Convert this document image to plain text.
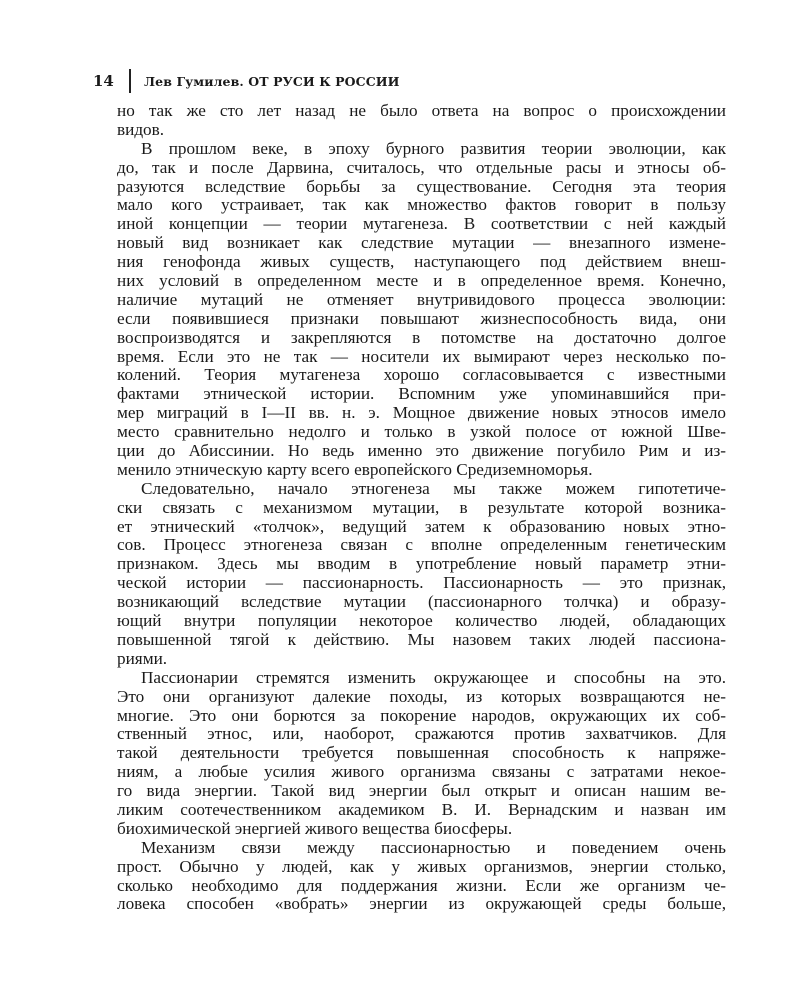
14	Лев Гумилев. ОТ РУСИ К РОССИИ
но так же сто лет назад не было ответа на вопрос о происхождении
видов.
В прошлом веке, в эпоху бурного развития теории эволюции, как
до, так и после Дарвина, считалось, что отдельные расы и этносы об-
разуются вследствие борьбы за существование. Сегодня эта теория
мало кого устраивает, так как множество фактов говорит в пользу
иной концепции — теории мутагенеза. В соответствии с ней каждый
новый вид возникает как следствие мутации — внезапного измене-
ния генофонда живых существ, наступающего под действием внеш-
них условий в определенном месте и в определенное время. Конечно,
наличие мутаций не отменяет внутривидового процесса эволюции:
если появившиеся признаки повышают жизнеспособность вида, они
воспроизводятся и закрепляются в потомстве на достаточно долгое
время. Если это не так — носители их вымирают через несколько по-
колений. Теория мутагенеза хорошо согласовывается с известными
фактами этнической истории. Вспомним уже упоминавшийся при-
мер миграций в I—II вв. н. э. Мощное движение новых этносов имело
место сравнительно недолго и только в узкой полосе от южной Шве-
ции до Абиссинии. Но ведь именно это движение погубило Рим и из-
менило этническую карту всего европейского Средиземноморья.
Следовательно, начало этногенеза мы также можем гипотетиче-
ски связать с механизмом мутации, в результате которой возника-
ет этнический «толчок», ведущий затем к образованию новых этно-
сов. Процесс этногенеза связан с вполне определенным генетическим
признаком. Здесь мы вводим в употребление новый параметр этни-
ческой истории — пассионарность. Пассионарность — это признак,
возникающий вследствие мутации (пассионарного толчка) и образу-
ющий внутри популяции некоторое количество людей, обладающих
повышенной тягой к действию. Мы назовем таких людей пассиона-
риями.
Пассионарии стремятся изменить окружающее и способны на это.
Это они организуют далекие походы, из которых возвращаются не-
многие. Это они борются за покорение народов, окружающих их соб-
ственный этнос, или, наоборот, сражаются против захватчиков. Для
такой деятельности требуется повышенная способность к напряже-
ниям, а любые усилия живого организма связаны с затратами некое-
го вида энергии. Такой вид энергии был открыт и описан нашим ве-
ликим соотечественником академиком В. И. Вернадским и назван им
биохимической энергией живого вещества биосферы.
Механизм связи между пассионарностью и поведением очень
прост. Обычно у людей, как у живых организмов, энергии столько,
сколько необходимо для поддержания жизни. Если же организм че-
ловека способен «вобрать» энергии из окружающей среды больше,
